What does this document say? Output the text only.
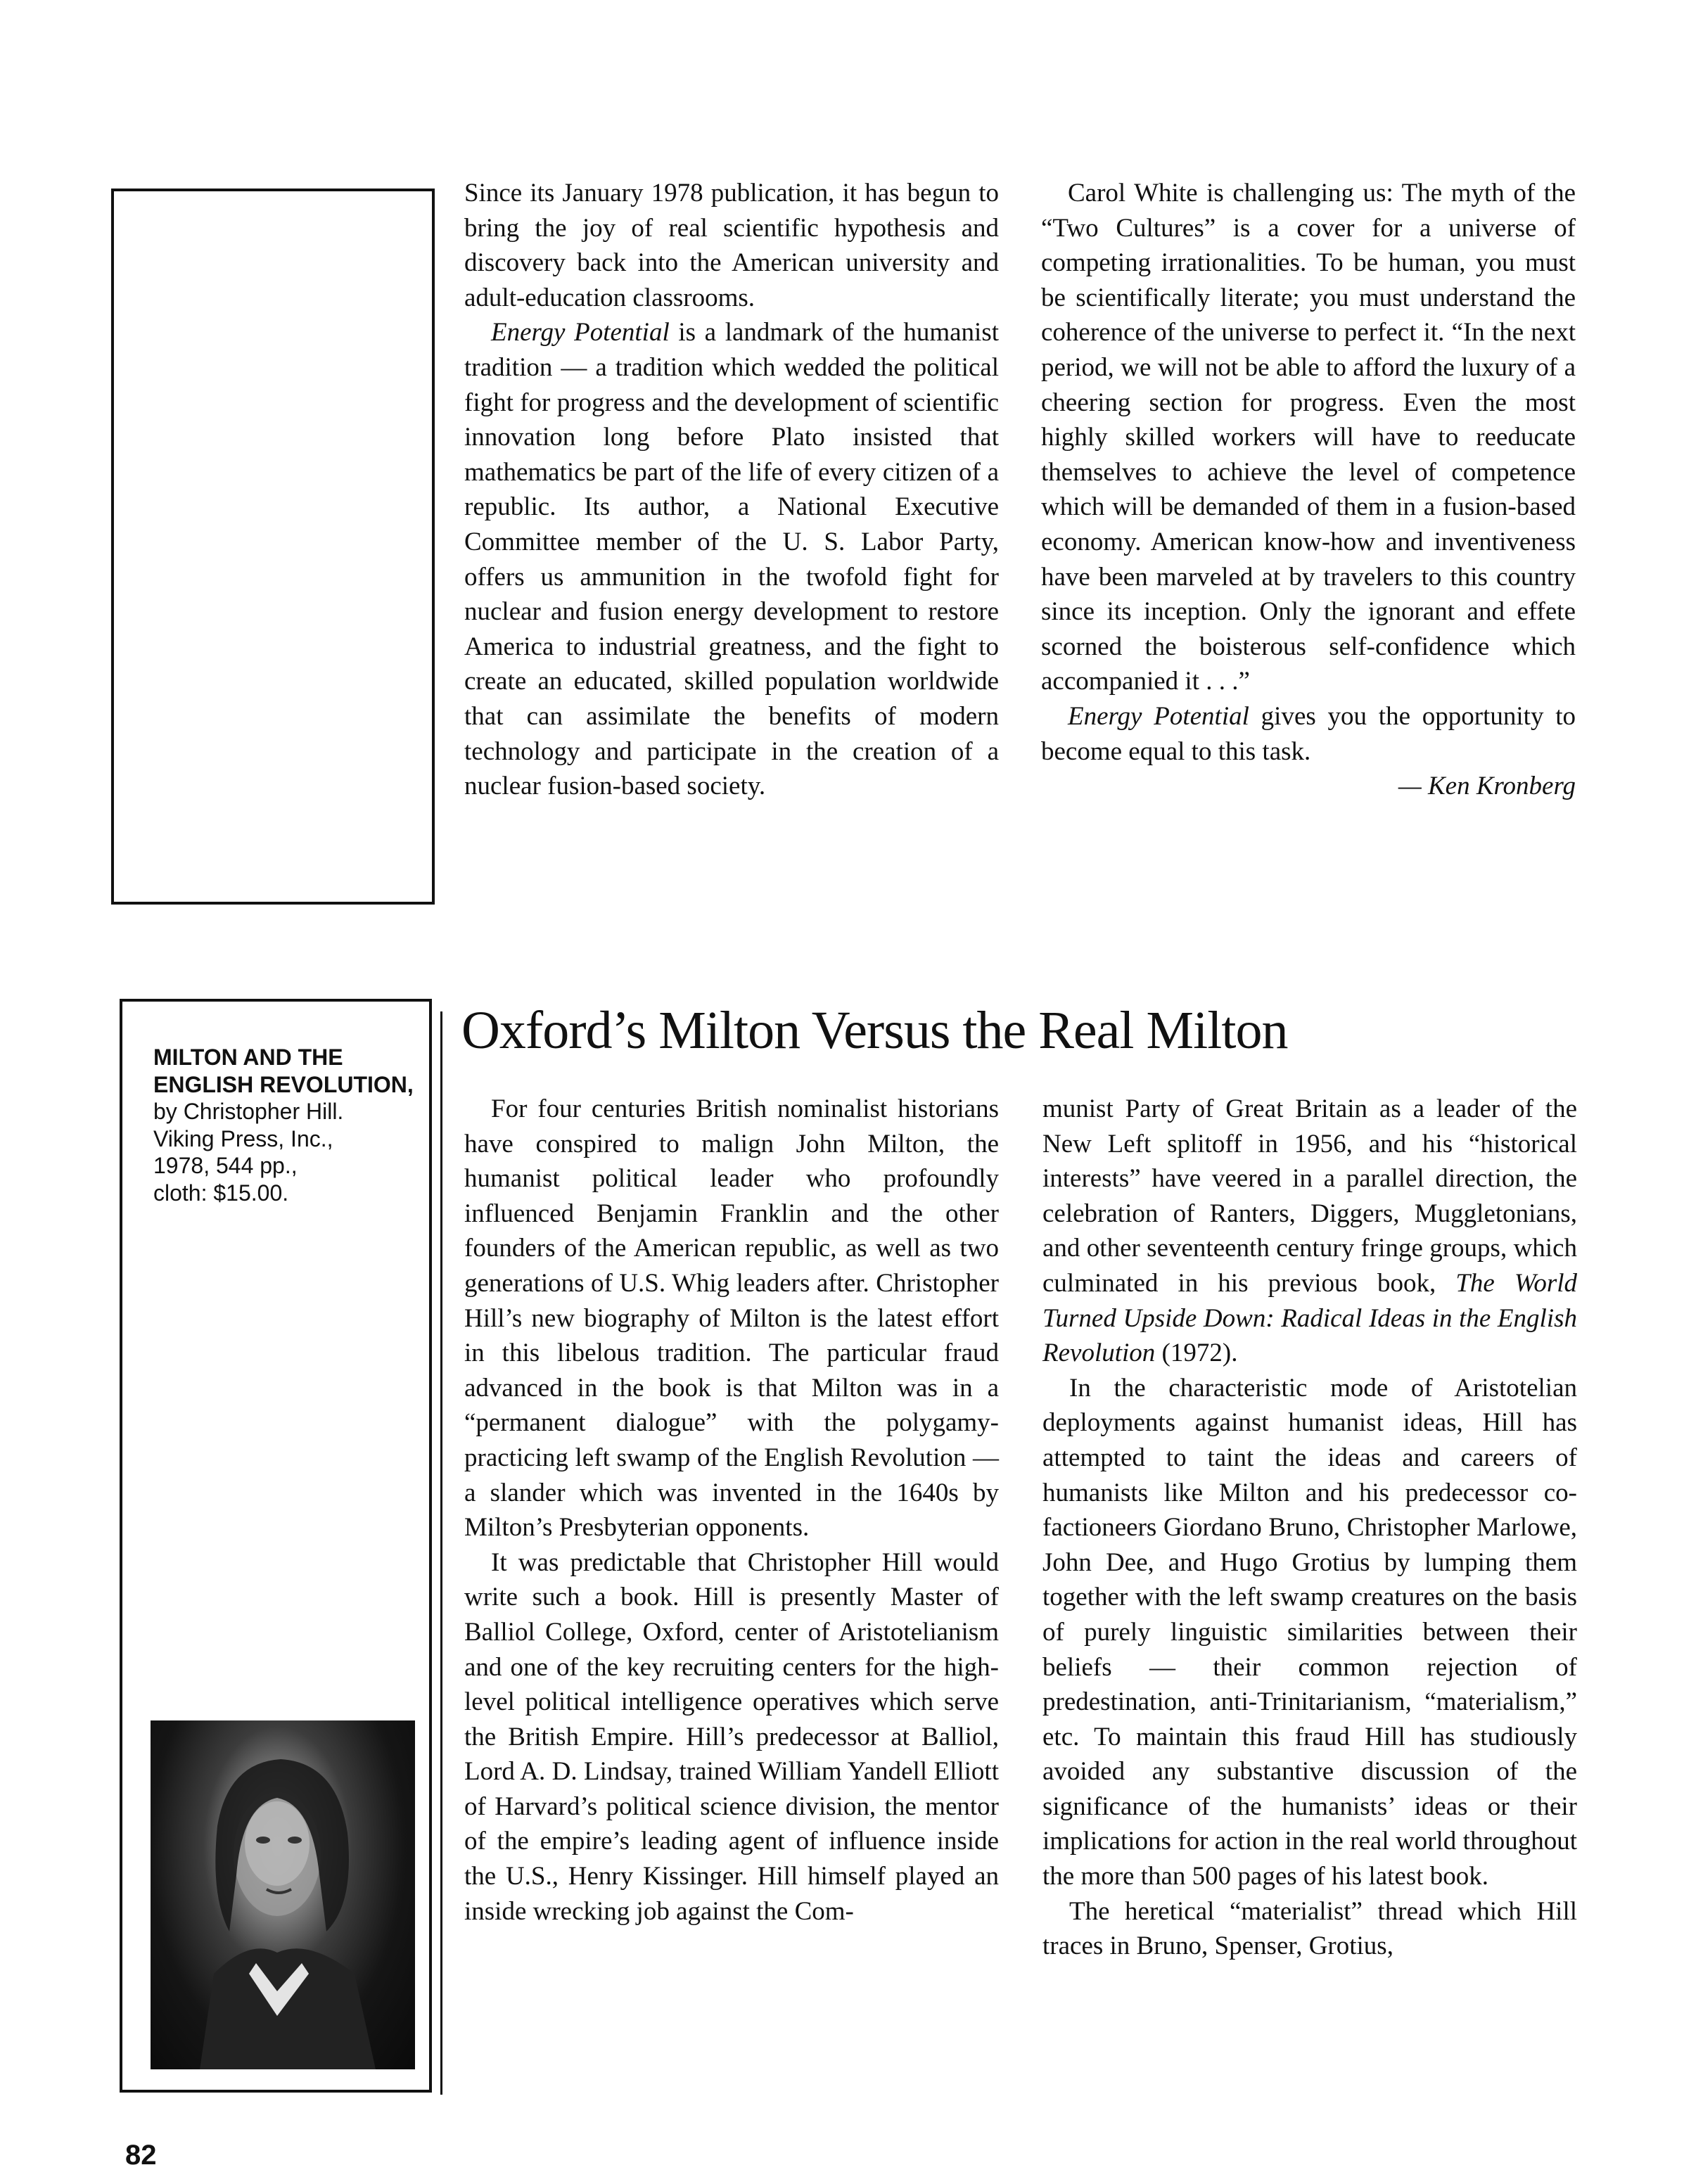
Since its January 1978 publication, it has begun to bring the joy of real scientific hypothesis and discovery back into the American university and adult-education classrooms.

Energy Potential is a landmark of the humanist tradition — a tradition which wedded the political fight for progress and the development of scientific innovation long before Plato insisted that mathematics be part of the life of every citizen of a republic. Its author, a National Executive Committee member of the U. S. Labor Party, offers us ammunition in the twofold fight for nuclear and fusion energy development to restore America to industrial greatness, and the fight to create an educated, skilled population worldwide that can assimilate the benefits of modern technology and participate in the creation of a nuclear fusion-based society.

Carol White is challenging us: The myth of the “Two Cultures” is a cover for a universe of competing irrationalities. To be human, you must be scientifically literate; you must understand the coherence of the universe to perfect it. “In the next period, we will not be able to afford the luxury of a cheering section for progress. Even the most highly skilled workers will have to reeducate themselves to achieve the level of competence which will be demanded of them in a fusion-based economy. American know-how and inventiveness have been marveled at by travelers to this country since its inception. Only the ignorant and effete scorned the boisterous self-confidence which accompanied it . . .”

Energy Potential gives you the opportunity to become equal to this task.

— Ken Kronberg

MILTON AND THE ENGLISH REVOLUTION,
by Christopher Hill.
Viking Press, Inc.,
1978, 544 pp.,
cloth: $15.00.
Oxford’s Milton Versus the Real Milton

For four centuries British nominalist historians have conspired to malign John Milton, the humanist political leader who profoundly influenced Benjamin Franklin and the other founders of the American republic, as well as two generations of U.S. Whig leaders after. Christopher Hill’s new biography of Milton is the latest effort in this libelous tradition. The particular fraud advanced in the book is that Milton was in a “permanent dialogue” with the polygamy-practicing left swamp of the English Revolution — a slander which was invented in the 1640s by Milton’s Presbyterian opponents.

It was predictable that Christopher Hill would write such a book. Hill is presently Master of Balliol College, Oxford, center of Aristotelianism and one of the key recruiting centers for the high-level political intelligence operatives which serve the British Empire. Hill’s predecessor at Balliol, Lord A. D. Lindsay, trained William Yandell Elliott of Harvard’s political science division, the mentor of the empire’s leading agent of influence inside the U.S., Henry Kissinger. Hill himself played an inside wrecking job against the Com-

munist Party of Great Britain as a leader of the New Left splitoff in 1956, and his “historical interests” have veered in a parallel direction, the celebration of Ranters, Diggers, Muggletonians, and other seventeenth century fringe groups, which culminated in his previous book, The World Turned Upside Down: Radical Ideas in the English Revolution (1972).

In the characteristic mode of Aristotelian deployments against humanist ideas, Hill has attempted to taint the ideas and careers of humanists like Milton and his predecessor co-factioneers Giordano Bruno, Christopher Marlowe, John Dee, and Hugo Grotius by lumping them together with the left swamp creatures on the basis of purely linguistic similarities between their beliefs — their common rejection of predestination, anti-Trinitarianism, “materialism,” etc. To maintain this fraud Hill has studiously avoided any substantive discussion of the significance of the humanists’ ideas or their implications for action in the real world throughout the more than 500 pages of his latest book.

The heretical “materialist” thread which Hill traces in Bruno, Spenser, Grotius,

82
